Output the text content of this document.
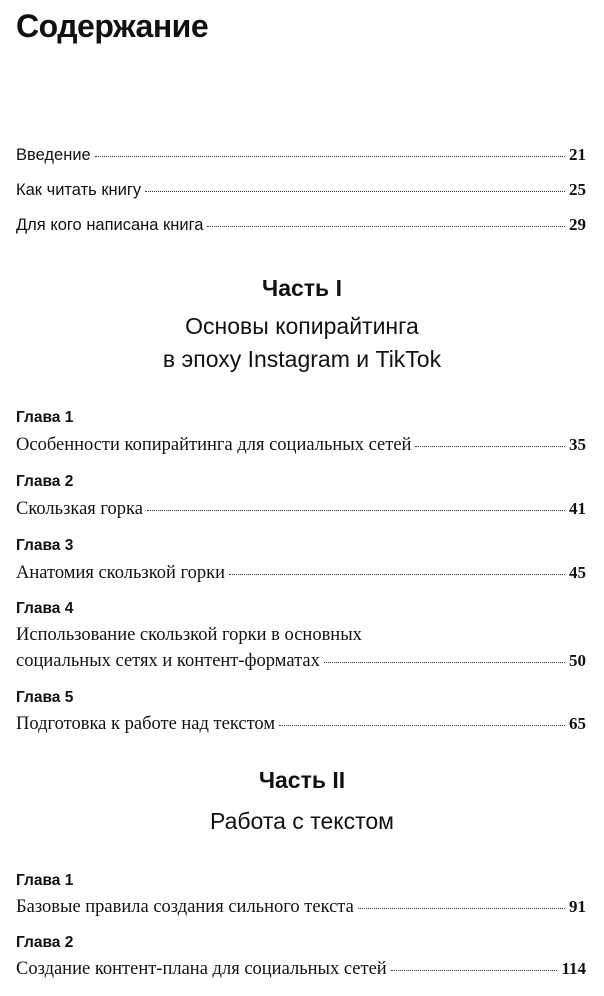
Содержание
Введение	21
Как читать книгу	25
Для кого написана книга	29
Часть I
Основы копирайтинга
в эпоху Instagram и TikTok
Глава 1
Особенности копирайтинга для социальных сетей	35
Глава 2
Скользкая горка	41
Глава 3
Анатомия скользкой горки	45
Глава 4
Использование скользкой горки в основных
социальных сетях и контент-форматах	50
Глава 5
Подготовка к работе над текстом	65
Часть II
Работа с текстом
Глава 1
Базовые правила создания сильного текста	91
Глава 2
Создание контент-плана для социальных сетей	114
